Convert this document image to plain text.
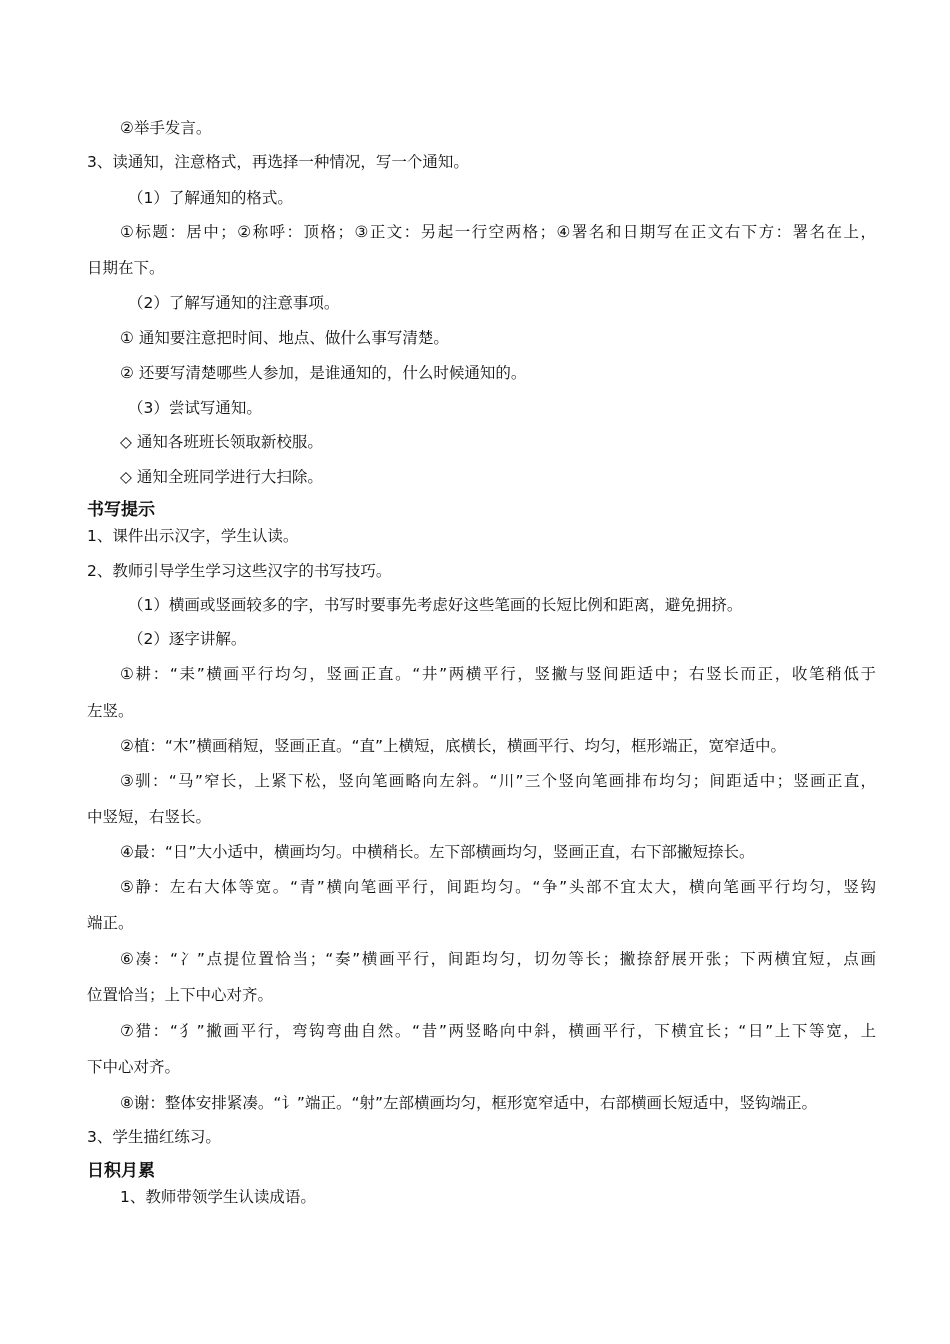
②举手发言。
3、读通知，注意格式，再选择一种情况，写一个通知。
（1）了解通知的格式。
①标题：居中；②称呼：顶格；③正文：另起一行空两格；④署名和日期写在正文右下方：署名在上，
日期在下。
（2）了解写通知的注意事项。
① 通知要注意把时间、地点、做什么事写清楚。
② 还要写清楚哪些人参加，是谁通知的，什么时候通知的。
（3）尝试写通知。
◇ 通知各班班长领取新校服。
◇ 通知全班同学进行大扫除。
书写提示
1、课件出示汉字，学生认读。
2、教师引导学生学习这些汉字的书写技巧。
（1）横画或竖画较多的字，书写时要事先考虑好这些笔画的长短比例和距离，避免拥挤。
（2）逐字讲解。
①耕：“耒”横画平行均匀，竖画正直。“井”两横平行，竖撇与竖间距适中；右竖长而正，收笔稍低于
左竖。
②植：“木”横画稍短，竖画正直。“直”上横短，底横长，横画平行、均匀，框形端正，宽窄适中。
③驯：“马”窄长，上紧下松，竖向笔画略向左斜。“川”三个竖向笔画排布均匀；间距适中；竖画正直，
中竖短，右竖长。
④最：“日”大小适中，横画均匀。中横稍长。左下部横画均匀，竖画正直，右下部撇短捺长。
⑤静：左右大体等宽。“青”横向笔画平行，间距均匀。“争”头部不宜太大，横向笔画平行均匀，竖钩
端正。
⑥凑：“冫”点提位置恰当；“奏”横画平行，间距均匀，切勿等长；撇捺舒展开张；下两横宜短，点画
位置恰当；上下中心对齐。
⑦猎：“犭”撇画平行，弯钩弯曲自然。“昔”两竖略向中斜，横画平行，下横宜长；“日”上下等宽，上
下中心对齐。
⑧谢：整体安排紧凑。“讠”端正。“射”左部横画均匀，框形宽窄适中，右部横画长短适中，竖钩端正。
3、学生描红练习。
日积月累
1、教师带领学生认读成语。
